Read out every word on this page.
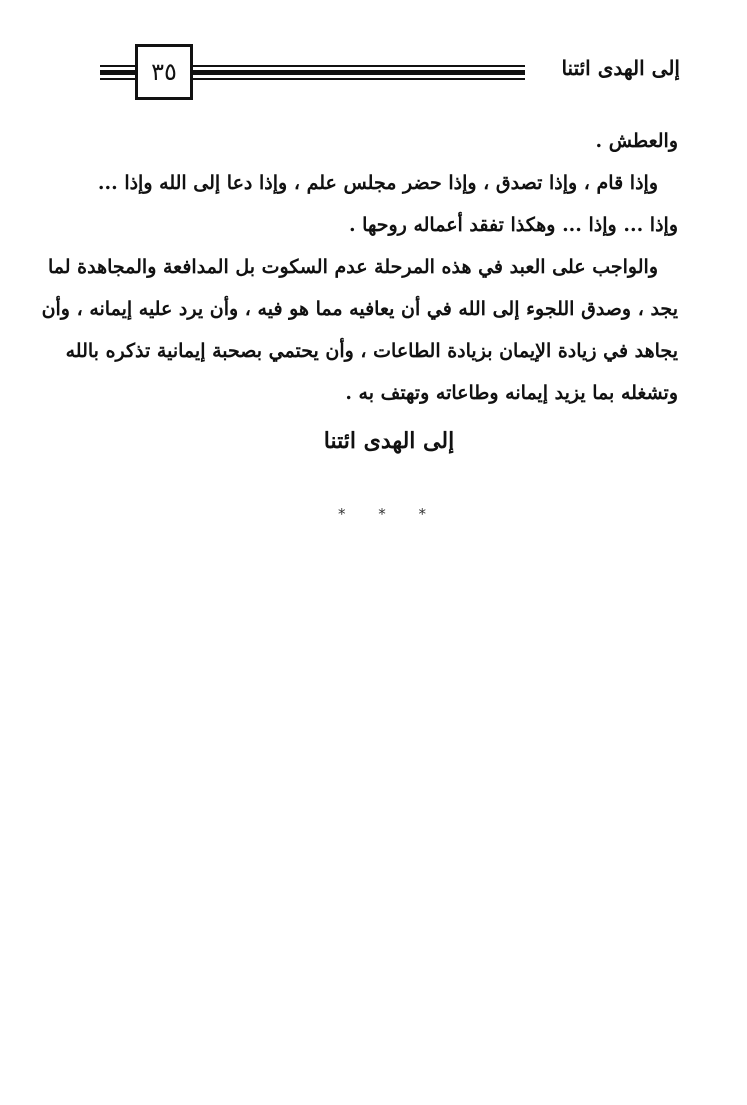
٣٥	إلى الهدى ائتنا
والعطش .
وإذا قام ، وإذا تصدق ، وإذا حضر مجلس علم ، وإذا دعا إلى الله وإذا ...
وإذا ... وإذا ... وهكذا تفقد أعماله روحها .
والواجب على العبد في هذه المرحلة عدم السكوت بل المدافعة والمجاهدة لما
يجد ، وصدق اللجوء إلى الله في أن يعافيه مما هو فيه ، وأن يرد عليه إيمانه ، وأن
يجاهد في زيادة الإيمان بزيادة الطاعات ، وأن يحتمي بصحبة إيمانية تذكره بالله
وتشغله بما يزيد إيمانه وطاعاته وتهتف به .
إلى الهدى ائتنا
* * *
